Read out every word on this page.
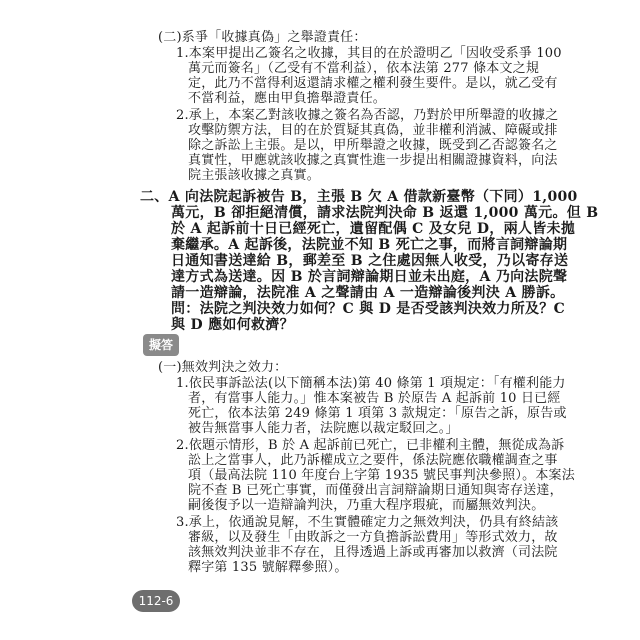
(二)系爭「收據真偽」之舉證責任：
1.本案甲提出乙簽名之收據，其目的在於證明乙「因收受系爭 100
萬元而簽名」（乙受有不當利益），依本法第 277 條本文之規
定，此乃不當得利返還請求權之權利發生要件。是以，就乙受有
不當利益，應由甲負擔舉證責任。
2.承上，本案乙對該收據之簽名為否認，乃對於甲所舉證的收據之
攻擊防禦方法，目的在於質疑其真偽，並非權利消滅、障礙或排
除之訴訟上主張。是以，甲所舉證之收據，既受到乙否認簽名之
真實性，甲應就該收據之真實性進一步提出相關證據資料，向法
院主張該收據之真實。
二、A 向法院起訴被告 B，主張 B 欠 A 借款新臺幣（下同）1,000
萬元，B 卻拒絕清償，請求法院判決命 B 返還 1,000 萬元。但 B
於 A 起訴前十日已經死亡，遺留配偶 C 及女兒 D，兩人皆未拋
棄繼承。A 起訴後，法院並不知 B 死亡之事，而將言詞辯論期
日通知書送達給 B，郵差至 B 之住處因無人收受，乃以寄存送
達方式為送達。因 B 於言詞辯論期日並未出庭，A 乃向法院聲
請一造辯論，法院准 A 之聲請由 A 一造辯論後判決 A 勝訴。
問：法院之判決效力如何？C 與 D 是否受該判決效力所及？C
與 D 應如何救濟？
擬答
(一)無效判決之效力：
1.依民事訴訟法(以下簡稱本法)第 40 條第 1 項規定：「有權利能力
者，有當事人能力。」惟本案被告 B 於原告 A 起訴前 10 日已經
死亡，依本法第 249 條第 1 項第 3 款規定：「原告之訴，原告或
被告無當事人能力者，法院應以裁定駁回之。」
2.依題示情形，B 於 A 起訴前已死亡，已非權利主體，無從成為訴
訟上之當事人，此乃訴權成立之要件，係法院應依職權調查之事
項（最高法院 110 年度台上字第 1935 號民事判決參照）。本案法
院不查 B 已死亡事實，而僅發出言詞辯論期日通知與寄存送達，
嗣後復予以一造辯論判決，乃重大程序瑕疵，而屬無效判決。
3.承上，依通說見解，不生實體確定力之無效判決，仍具有終結該
審級，以及發生「由敗訴之一方負擔訴訟費用」等形式效力，故
該無效判決並非不存在，且得透過上訴或再審加以救濟（司法院
釋字第 135 號解釋參照）。
112-6
